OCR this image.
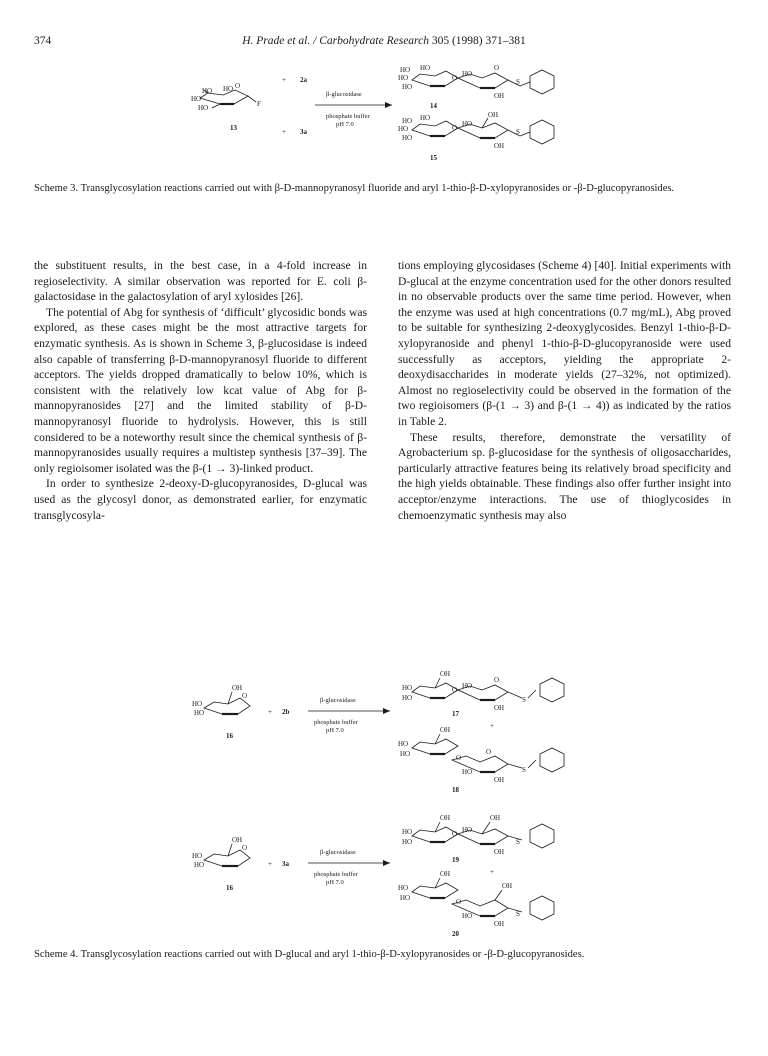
374	H. Prade et al. / Carbohydrate Research 305 (1998) 371–381
HO
HO
HO
HO O
F
13
+ 2a
+ 3a
β-glucosidase
phosphate buffer
pH 7.0
HO
HO
HO
HO
O HO
O
S
OH
14
HO
HO
HO
HO	OH
O HO
S
OH
15
Scheme 3. Transglycosylation reactions carried out with β-D-mannopyranosyl fluoride and aryl 1-thio-β-D-xylopyranosides or -β-D-glucopyranosides.

the substituent results, in the best case, in a 4-fold increase in regioselectivity. A similar observation was reported for E. coli β-galactosidase in the galactosylation of aryl xylosides [26].

The potential of Abg for synthesis of ‘difficult’ glycosidic bonds was explored, as these cases might be the most attractive targets for enzymatic synthesis. As is shown in Scheme 3, β-glucosidase is indeed also capable of transferring β-D-mannopyranosyl fluoride to different acceptors. The yields dropped dramatically to below 10%, which is consistent with the relatively low kcat value of Abg for β-mannopyranosides [27] and the limited stability of β-D-mannopyranosyl fluoride to hydrolysis. However, this is still considered to be a noteworthy result since the chemical synthesis of β-mannopyranosides usually requires a multistep synthesis [37–39]. The only regioisomer isolated was the β-(1 → 3)-linked product.

In order to synthesize 2-deoxy-D-glucopyranosides, D-glucal was used as the glycosyl donor, as demonstrated earlier, for enzymatic transglycosyla-

tions employing glycosidases (Scheme 4) [40]. Initial experiments with D-glucal at the enzyme concentration used for the other donors resulted in no observable products over the same time period. However, when the enzyme was used at high concentrations (0.7 mg/mL), Abg proved to be suitable for synthesizing 2-deoxyglycosides. Benzyl 1-thio-β-D-xylopyranoside and phenyl 1-thio-β-D-glucopyranoside were used successfully as acceptors, yielding the appropriate 2-deoxydisaccharides in moderate yields (27–32%, not optimized). Almost no regioselectivity could be observed in the formation of the two regioisomers (β-(1 → 3) and β-(1 → 4)) as indicated by the ratios in Table 2.

These results, therefore, demonstrate the versatility of Agrobacterium sp. β-glucosidase for the synthesis of oligosaccharides, particularly attractive features being its relatively broad specificity and the high yields obtainable. These findings also offer further insight into acceptor/enzyme interactions. The use of thioglycosides in chemoenzymatic synthesis may also

OH
HO
HO
O
16
+ 2b
β-glucosidase
phosphate buffer
pH 7.0
OH
HO
HO
O HO
O
S
OH
17
+
OH
HO
HO	O
O
HO	S
OH
18
OH
HO
HO
O
16
+ 3a
β-glucosidase
phosphate buffer
pH 7.0
OH	OH
HO
HO
O HO
S
OH
19
+
OH
OH
HO
HO	O
HO	S
OH
20
Scheme 4. Transglycosylation reactions carried out with D-glucal and aryl 1-thio-β-D-xylopyranosides or -β-D-glucopyranosides.
